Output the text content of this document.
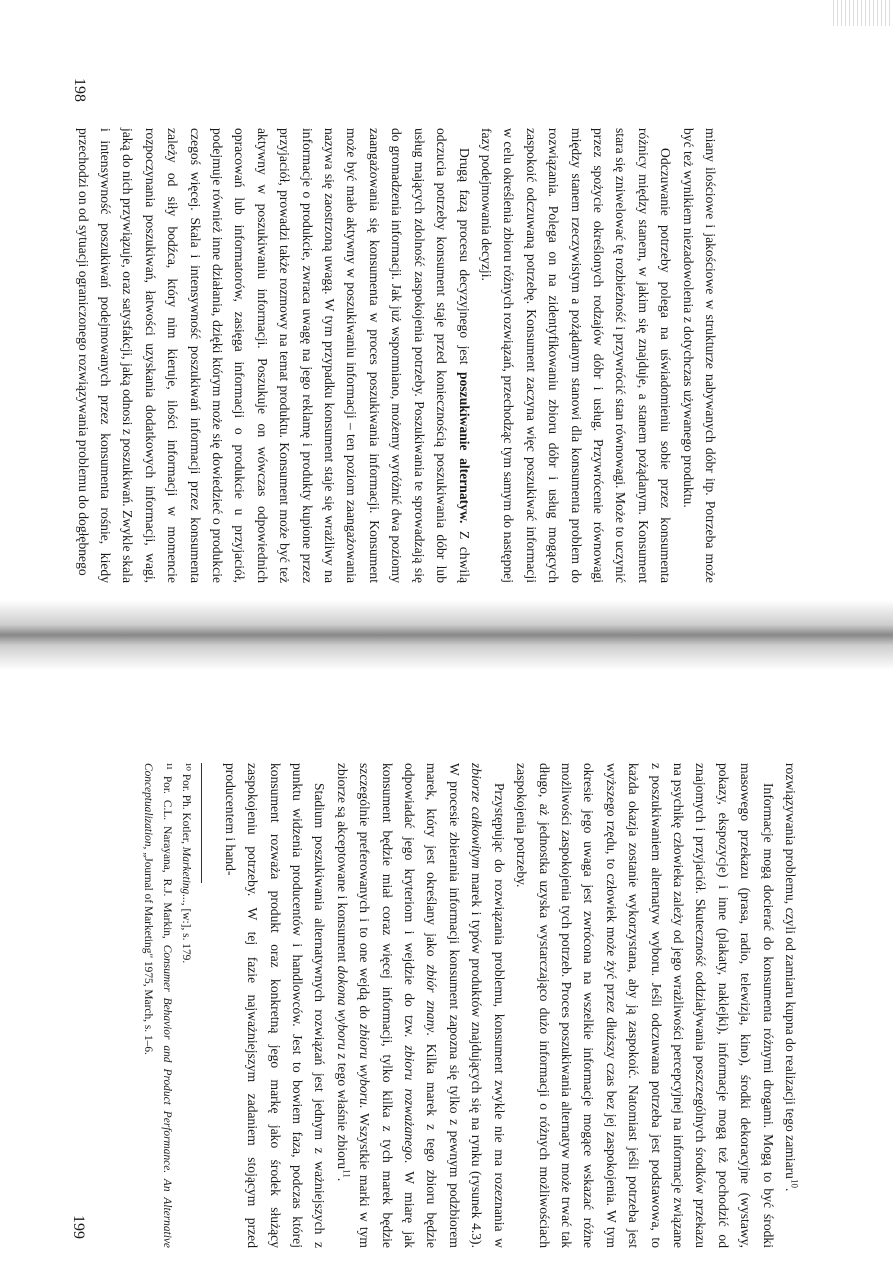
miany ilościowe i jakościowe w strukturze nabywanych dóbr itp. Potrzeba może być też wynikiem niezadowolenia z dotychczas używanego produktu.

Odczuwanie potrzeby polega na uświadomieniu sobie przez konsumenta różnicy między stanem, w jakim się znajduje, a stanem pożądanym. Konsument stara się zniwelować tę rozbieżność i przywrócić stan równowagi. Może to uczynić przez spożycie określonych rodzajów dóbr i usług. Przywrócenie równowagi między stanem rzeczywistym a pożądanym stanowi dla konsumenta problem do rozwiązania. Polega on na zidentyfikowaniu zbioru dóbr i usług mogących zaspokoić odczuwaną potrzebę. Konsument zaczyna więc poszukiwać informacji w celu określenia zbioru różnych rozwiązań, przechodząc tym samym do następnej fazy podejmowania decyzji.

Drugą fazą procesu decyzyjnego jest poszukiwanie alternatyw. Z chwilą odczucia potrzeby konsument staje przed koniecznością poszukiwania dóbr lub usług mających zdolność zaspokojenia potrzeby. Poszukiwania te sprowadzają się do gromadzenia informacji. Jak już wspomniano, możemy wyróżnić dwa poziomy zaangażowania się konsumenta w proces poszukiwania informacji. Konsument może być mało aktywny w poszukiwaniu informacji – ten poziom zaangażowania nazywa się zaostrzoną uwagą. W tym przypadku konsument staje się wrażliwy na informacje o produkcie, zwraca uwagę na jego reklamę i produkty kupione przez przyjaciół, prowadzi także rozmowy na temat produktu. Konsument może być też aktywny w poszukiwaniu informacji. Poszukuje on wówczas odpowiednich opracowań lub informatorów, zasięga informacji o produkcie u przyjaciół, podejmuje również inne działania, dzięki którym może się dowiedzieć o produkcie czegoś więcej. Skala i intensywność poszukiwań informacji przez konsumenta zależy od siły bodźca, który nim kieruje, ilości informacji w momencie rozpoczynania poszukiwań, łatwości uzyskania dodatkowych informacji, wagi, jaką do nich przywiązuje, oraz satysfakcji, jaką odnosi z poszukiwań. Zwykle skala i intensywność poszukiwań podejmowanych przez konsumenta rośnie, kiedy przechodzi on od sytuacji ograniczonego rozwiązywania problemu do dogłębnego

198

rozwiązywania problemu, czyli od zamiaru kupna do realizacji tego zamiaru$^{10}$.

Informacje mogą docierać do konsumenta różnymi drogami. Mogą to być środki masowego przekazu (prasa, radio, telewizja, kino), środki dekoracyjne (wystawy, pokazy, ekspozycje) i inne (plakaty, naklejki), informacje mogą też pochodzić od znajomych i przyjaciół. Skuteczność oddziaływania poszczególnych środków przekazu na psychikę człowieka zależy od jego wrażliwości percepcyjnej na informacje związane z poszukiwaniem alternatyw wyboru. Jeśli odczuwana potrzeba jest podstawowa, to każda okazja zostanie wykorzystana, aby ją zaspokoić. Natomiast jeśli potrzeba jest wyższego rzędu, to człowiek może żyć przez dłuższy czas bez jej zaspokojenia. W tym okresie jego uwaga jest zwrócona na wszelkie informacje mogące wskazać różne możliwości zaspokojenia tych potrzeb. Proces poszukiwania alternatyw może trwać tak długo, aż jednostka uzyska wystarczająco dużo informacji o różnych możliwościach zaspokojenia potrzeby.

Przystępując do rozwiązania problemu, konsument zwykle nie ma rozeznania w zbiorze całkowitym marek i typów produktów znajdujących się na rynku (rysunek 4.3). W procesie zbierania informacji konsument zapozna się tylko z pewnym podzbiorem marek, który jest określany jako zbiór znany. Kilka marek z tego zbioru będzie odpowiadać jego kryteriom i wejdzie do tzw. zbioru rozważanego. W miarę jak konsument będzie miał coraz więcej informacji, tylko kilka z tych marek będzie szczególnie preferowanych i to one wejdą do zbioru wyboru. Wszystkie marki w tym zbiorze są akceptowane i konsument dokona wyboru z tego właśnie zbioru$^{11}$.

Stadium poszukiwania alternatywnych rozwiązań jest jednym z ważniejszych z punktu widzenia producentów i handlowców. Jest to bowiem faza, podczas której konsument rozważa produkt oraz konkretną jego markę jako środek służący zaspokojeniu potrzeby. W tej fazie najważniejszym zadaniem stojącym przed producentem i hand-

¹⁰ Por. Ph. Kotler, Marketing..., [w:], s. 179.

¹¹ Por. C.L. Narayana, R.J. Markin, Consumer Behavior and Product Performance. An Alternative Conceptualization, „Journal of Marketing" 1975, March, s. 1–6.

199
